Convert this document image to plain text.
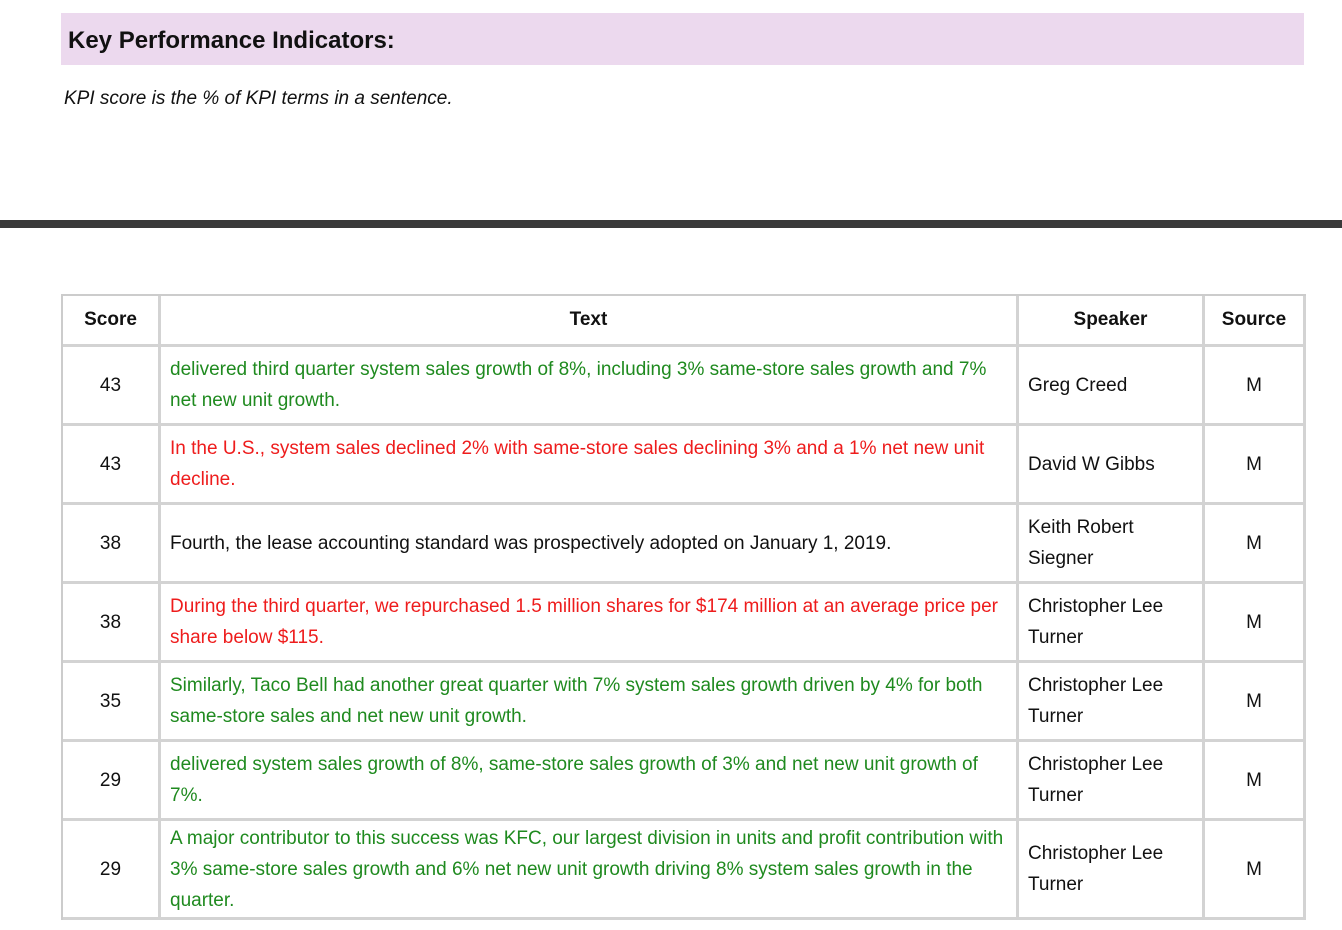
Key Performance Indicators:
KPI score is the % of KPI terms in a sentence.
Score	Text	Speaker	Source
43	delivered third quarter system sales growth of 8%, including 3% same-store sales growth and 7% net new unit growth.	Greg Creed	M
43	In the U.S., system sales declined 2% with same-store sales declining 3% and a 1% net new unit decline.	David W Gibbs	M
38	Fourth, the lease accounting standard was prospectively adopted on January 1, 2019.	Keith Robert Siegner	M
38	During the third quarter, we repurchased 1.5 million shares for $174 million at an average price per share below $115.	Christopher Lee Turner	M
35	Similarly, Taco Bell had another great quarter with 7% system sales growth driven by 4% for both same-store sales and net new unit growth.	Christopher Lee Turner	M
29	delivered system sales growth of 8%, same-store sales growth of 3% and net new unit growth of 7%.	Christopher Lee Turner	M
29	A major contributor to this success was KFC, our largest division in units and profit contribution with 3% same-store sales growth and 6% net new unit growth driving 8% system sales growth in the quarter.	Christopher Lee Turner	M
